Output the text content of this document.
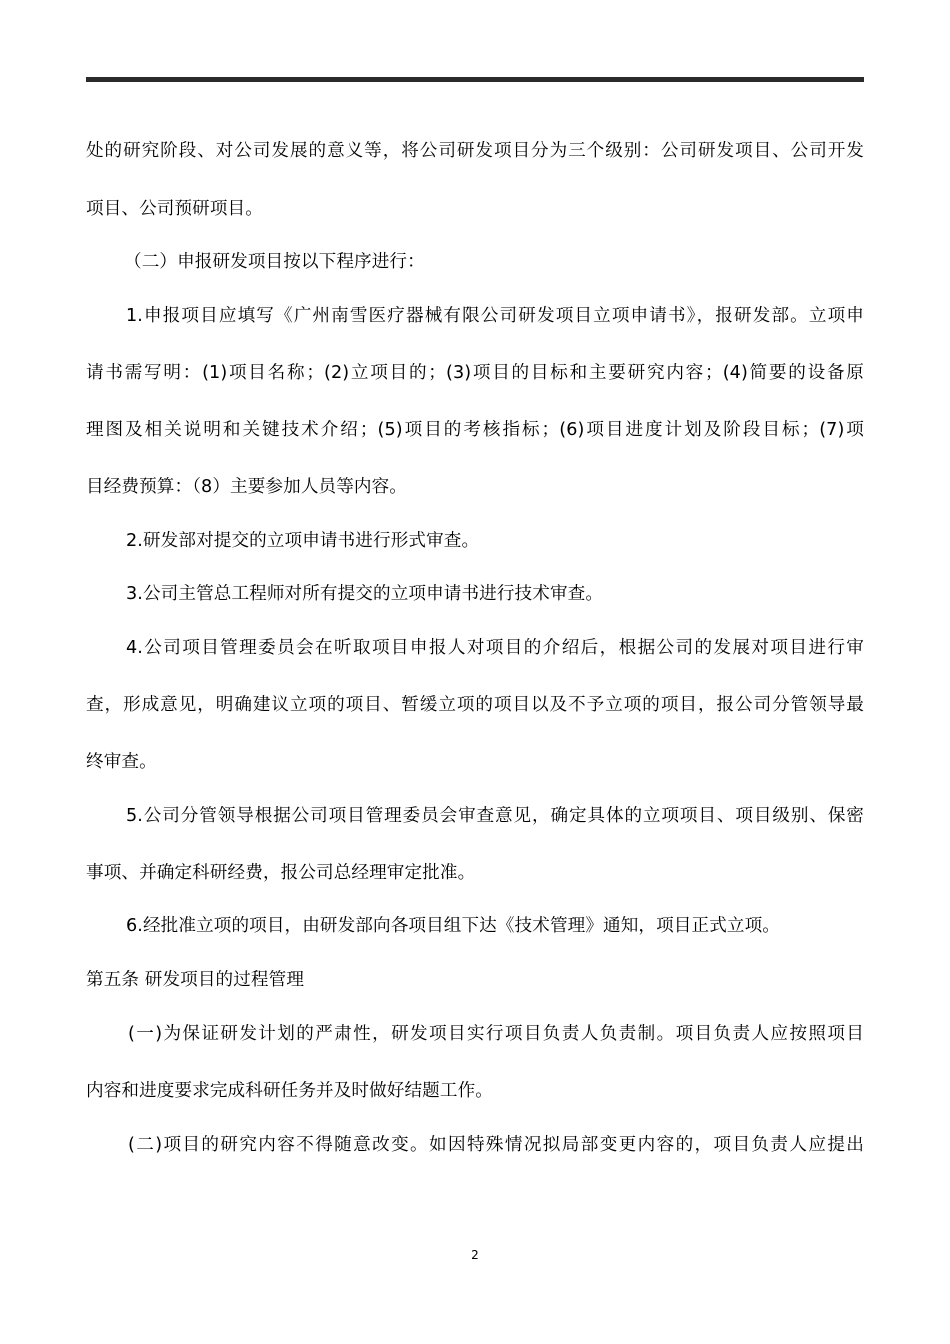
处的研究阶段、对公司发展的意义等，将公司研发项目分为三个级别：公司研发项目、公司开发
项目、公司预研项目。
（二）申报研发项目按以下程序进行：
1.申报项目应填写《广州南雪医疗器械有限公司研发项目立项申请书》，报研发部。立项申
请书需写明：(1)项目名称；(2)立项目的；(3)项目的目标和主要研究内容；(4)简要的设备原
理图及相关说明和关键技术介绍；(5)项目的考核指标；(6)项目进度计划及阶段目标；(7)项
目经费预算：（8）主要参加人员等内容。
2.研发部对提交的立项申请书进行形式审查。
3.公司主管总工程师对所有提交的立项申请书进行技术审查。
4.公司项目管理委员会在听取项目申报人对项目的介绍后，根据公司的发展对项目进行审
查，形成意见，明确建议立项的项目、暂缓立项的项目以及不予立项的项目，报公司分管领导最
终审查。
5.公司分管领导根据公司项目管理委员会审查意见，确定具体的立项项目、项目级别、保密
事项、并确定科研经费，报公司总经理审定批准。
6.经批准立项的项目，由研发部向各项目组下达《技术管理》通知，项目正式立项。
第五条 研发项目的过程管理
(一)为保证研发计划的严肃性，研发项目实行项目负责人负责制。项目负责人应按照项目
内容和进度要求完成科研任务并及时做好结题工作。
(二)项目的研究内容不得随意改变。如因特殊情况拟局部变更内容的，项目负责人应提出
2
